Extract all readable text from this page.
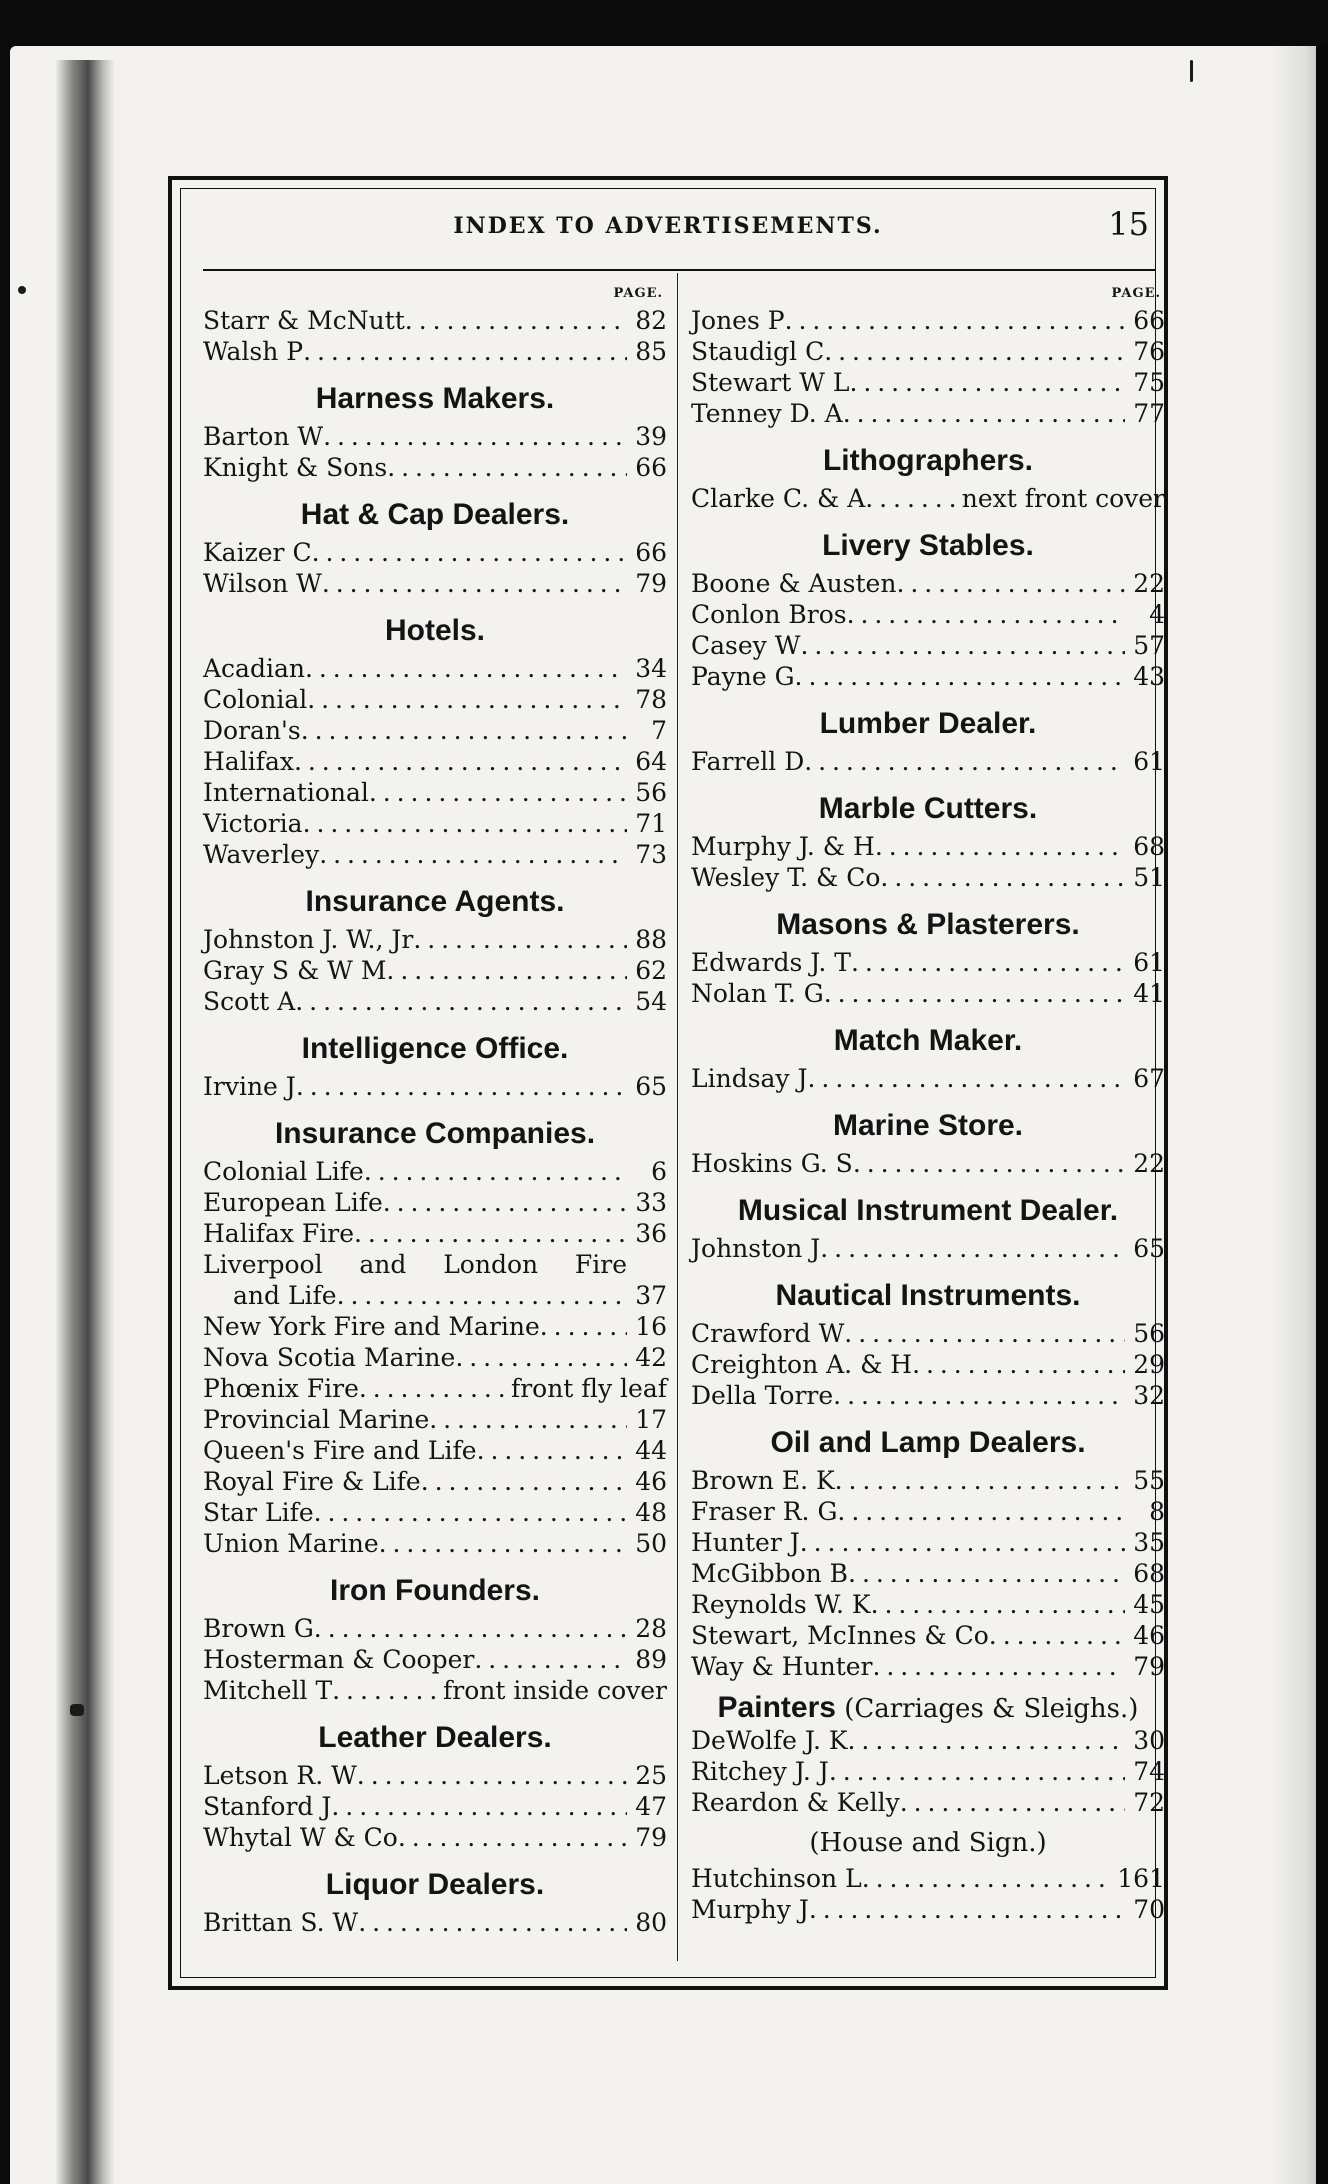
INDEX TO ADVERTISEMENTS.	15
PAGE.
Starr & McNutt . . .	82
Walsh P . . .	85
Harness Makers.
Barton W . . .	39
Knight & Sons . . .	66
Hat & Cap Dealers.
Kaizer C . . .	66
Wilson W . . .	79
Hotels.
Acadian . . .	34
Colonial . . .	78
Doran's . . .	7
Halifax . . .	64
International . . .	56
Victoria . . .	71
Waverley . . .	73
Insurance Agents.
Johnston J. W., Jr . . .	88
Gray S & W M . . .	62
Scott A . . .	54
Intelligence Office.
Irvine J . . .	65
Insurance Companies.
Colonial Life . . .	6
European Life . . .	33
Halifax Fire . . .	36
Liverpool and London Fire
and Life . . .	37
New York Fire and Marine . . .	16
Nova Scotia Marine . . .	42
Phœnix Fire . . .	front fly leaf
Provincial Marine . . .	17
Queen's Fire and Life . . .	44
Royal Fire & Life . . .	46
Star Life . . .	48
Union Marine . . .	50
Iron Founders.
Brown G . . .	28
Hosterman & Cooper . . .	89
Mitchell T . . .	front inside cover
Leather Dealers.
Letson R. W . . .	25
Stanford J . . .	47
Whytal W & Co . . .	79
Liquor Dealers.
Brittan S. W . . .	80
PAGE.
Jones P . . .	66
Staudigl C . . .	76
Stewart W L . . .	75
Tenney D. A . . .	77
Lithographers.
Clarke C. & A . . .	next front cover
Livery Stables.
Boone & Austen . . .	22
Conlon Bros . . .	4
Casey W . . .	57
Payne G . . .	43
Lumber Dealer.
Farrell D . . .	61
Marble Cutters.
Murphy J. & H . . .	68
Wesley T. & Co . . .	51
Masons & Plasterers.
Edwards J. T . . .	61
Nolan T. G . . .	41
Match Maker.
Lindsay J . . .	67
Marine Store.
Hoskins G. S . . .	22
Musical Instrument Dealer.
Johnston J . . .	65
Nautical Instruments.
Crawford W . . .	56
Creighton A. & H . . .	29
Della Torre . . .	32
Oil and Lamp Dealers.
Brown E. K . . .	55
Fraser R. G . . .	8
Hunter J . . .	35
McGibbon B . . .	68
Reynolds W. K . . .	45
Stewart, McInnes & Co . . .	46
Way & Hunter . . .	79
Painters (Carriages & Sleighs.)
DeWolfe J. K . . .	30
Ritchey J. J . . .	74
Reardon & Kelly . . .	72
(House and Sign.)
Hutchinson L . . .	161
Murphy J . . .	70
